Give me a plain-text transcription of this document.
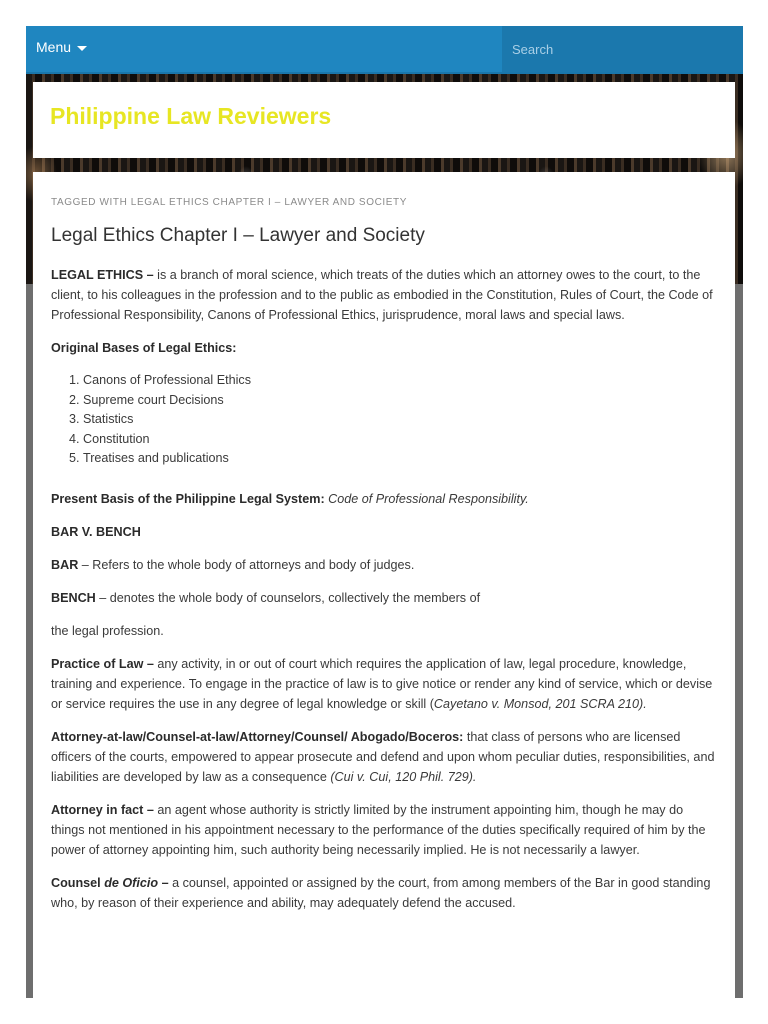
Menu
Search
Philippine Law Reviewers

TAGGED WITH LEGAL ETHICS CHAPTER I – LAWYER AND SOCIETY

Legal Ethics Chapter I – Lawyer and Society

LEGAL ETHICS – is a branch of moral science, which treats of the duties which an attorney owes to the court, to the client, to his colleagues in the profession and to the public as embodied in the Constitution, Rules of Court, the Code of Professional Responsibility, Canons of Professional Ethics, jurisprudence, moral laws and special laws.

Original Bases of Legal Ethics:

1. Canons of Professional Ethics
2. Supreme court Decisions
3. Statistics
4. Constitution
5. Treatises and publications

Present Basis of the Philippine Legal System: Code of Professional Responsibility.

BAR V. BENCH

BAR – Refers to the whole body of attorneys and body of judges.

BENCH – denotes the whole body of counselors, collectively the members of

the legal profession.

Practice of Law – any activity, in or out of court which requires the application of law, legal procedure, knowledge, training and experience. To engage in the practice of law is to give notice or render any kind of service, which or devise or service requires the use in any degree of legal knowledge or skill (Cayetano v. Monsod, 201 SCRA 210).

Attorney-at-law/Counsel-at-law/Attorney/Counsel/ Abogado/Boceros: that class of persons who are licensed officers of the courts, empowered to appear prosecute and defend and upon whom peculiar duties, responsibilities, and liabilities are developed by law as a consequence (Cui v. Cui, 120 Phil. 729).

Attorney in fact – an agent whose authority is strictly limited by the instrument appointing him, though he may do things not mentioned in his appointment necessary to the performance of the duties specifically required of him by the power of attorney appointing him, such authority being necessarily implied. He is not necessarily a lawyer.

Counsel de Oficio – a counsel, appointed or assigned by the court, from among members of the Bar in good standing who, by reason of their experience and ability, may adequately defend the accused.
